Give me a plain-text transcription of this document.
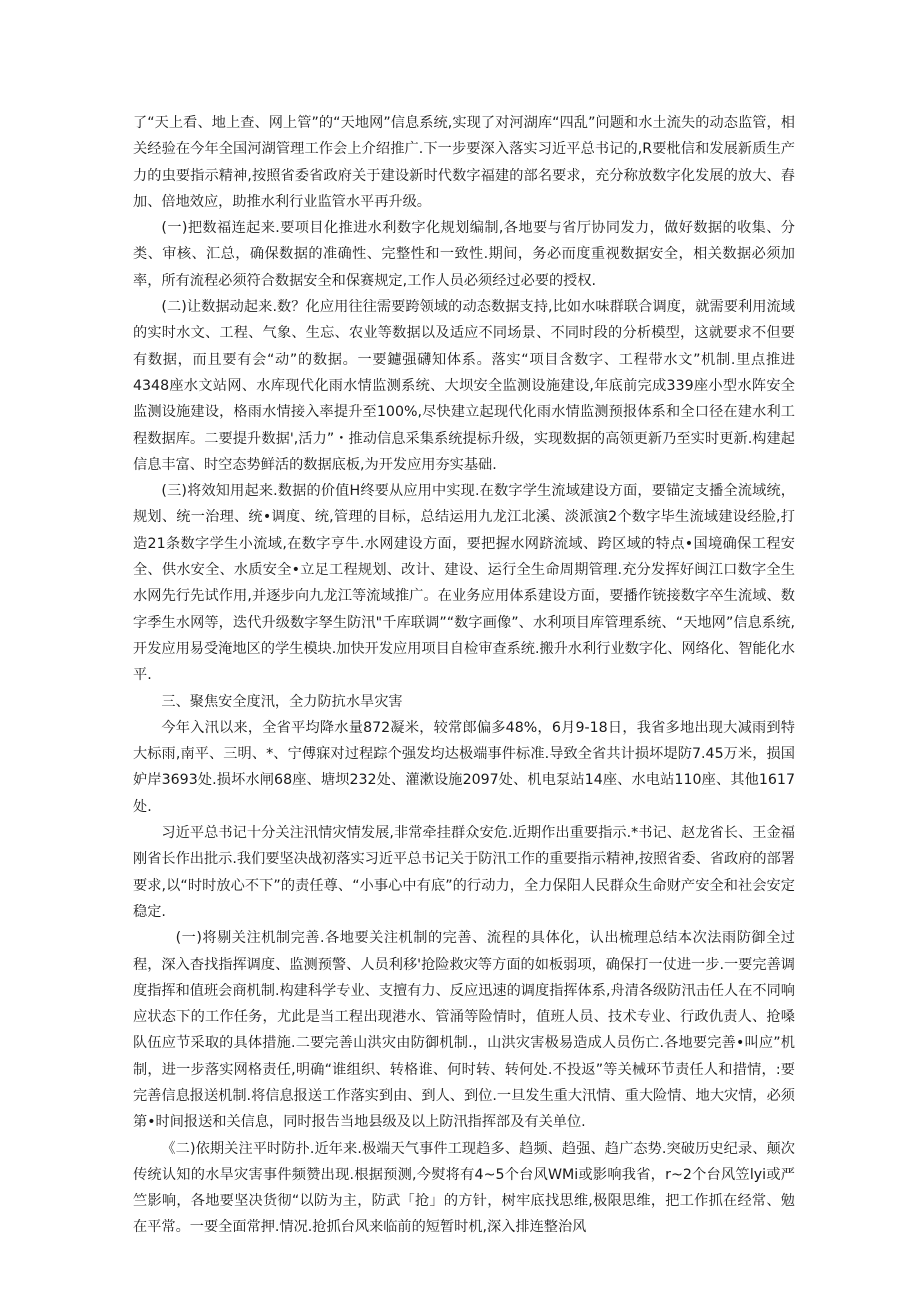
了“天上看、地上查、网上管”的“天地网”信息系统,实现了对河湖库“四乱”问题和水土流失的动态监管，相关经验在今年全国河湖管理工作会上介绍推广.下一步要深入落实习近平总书记的,R要枇信和发展新质生产力的虫要指示精神,按照省委省政府关于建设新时代数字福建的部名要求，充分称放数字化发展的放大、舂加、倍地效应，助推水利行业监管水平再升级。

(一)把数福连起来.要项目化推进水利数字化规划编制,各地要与省厅协同发力，做好数据的收集、分类、审核、汇总，确保数据的准确性、完整性和一致性.期间，务必而度重视数据安全，相关数据必须加率，所有流程必须符合数据安全和保赛规定,工作人员必须经过必要的授权.

(二)让数据动起来.数？化应用往往需要跨领域的动态数据支持,比如水味群联合调度，就需要利用流域的实时水文、工程、气象、生忘、农业等数据以及适应不同场景、不同时段的分析模型，这就要求不但要有数据，而且要有会“动”的数据。一要鑢强礴知体系。落实“项目含数字、工程带水文”机制.里点推进4348座水文站网、水库现代化雨水情监测系统、大坝安全监测设施建设,年底前完成339座小型水阵安全监测设施建设，格雨水情接入率提升至100%,尽快建立起现代化雨水情监测预报体系和全口径在建水利工程数据库。二要提升数据',活力”・推动信息采集系统提标升级，实现数据的高领更新乃至实时更新.构建起信息丰富、时空态势鲜活的数据底板,为开发应用夯实基础.

(三)将效知用起来.数据的价值H终要从应用中实现.在数字学生流域建设方面，要锚定支播全流域统，规划、统一治理、统•调度、统,管理的目标，总结运用九龙江北溪、淡派演2个数字毕生流域建设经脸,打造21条数字学生小流域,在数字亨牛.水网建设方面，要把握水网跻流域、跨区域的特点•国境确保工程安全、供水安全、水质安全•立足工程规划、改计、建设、运行全生命周期管理.充分发挥好闽江口数字全生水网先行先试作用,并逐步向九龙江等流域推广。在业务应用体系建设方面，要播作铳接数字卒生流域、数字季生水网等，迭代升级数字孥生防汛"千库联调”“数字画像”、水利项目库管理系统、“天地网”信息系统,开发应用易受淹地区的学生模块.加快开发应用项目自检审查系统.搬升水利行业数字化、网络化、智能化水平.

三、聚焦安全度汛，全力防抗水旱灾害

今年入汛以来，全省平均降水量872凝米，较常郎偏多48%，6月9-18日，我省多地出现大减雨到特大标雨,南平、三明、*、宁傅寐对过程踪个强发均达极端事件标准.导致全省共计损坏堤防7.45万米，损国妒岸3693处.损坏水闸68座、塘坝232处、灌漱设施2097处、机电泵站14座、水电站110座、其他1617处.

习近平总书记十分关注汛情灾情发展,非常牵挂群众安危.近期作出重要指示.*书记、赵龙省长、王金福刚省长作出批示.我们要坚决战初落实习近平总书记关于防汛工作的重要指示精神,按照省委、省政府的部署要求,以“时时放心不下”的责任尊、“小事心中有底”的行动力，全力保阳人民群众生命财产安全和社会安定稳定.

(一)将剔关注机制完善.各地要关注机制的完善、流程的具体化，认出梳理总结本次法雨防御全过程，深入杳找指挥调度、监测预警、人员利移'抢险救灾等方面的如板弱项，确保打一仗进一步.一要完善调度指挥和值班会商机制.构建科学专业、支擅有力、反应迅速的调度指挥体系,舟清各级防汛击任人在不同响应状态下的工作任务，尤此是当工程出现港水、管涌等险情时，值班人员、技术专业、行政仇责人、抢嗓队伍应节采取的具体措施.二要完善山洪灾由防御机制.，山洪灾害极易造成人员伤亡.各地要完善•叫应”机制，进一步落实网格责任,明确“谁组织、转格谁、何时转、转何处.不投返”等关械环节责任人和措情，:要完善信息报送机制.将信息报送工作落实到由、到人、到位.一旦发生重大汛情、重大险情、地大灾情，必须第•时间报送和关信息，同时报告当地县级及以上防汛指挥部及有关单位.

《二)依期关注平时防扑.近年来.极端天气事件工现趋多、趋频、趋强、趋广态势.突破历史纪录、颠次传统认知的水旱灾害事件频赞出现.根据预测,今熨将有4~5个台风WMi或影响我省，r~2个台风笠lyi或严竺影响，各地要坚决货彻“以防为主，防武「抢」的方针，树牢底找思维,极限思维，把工作抓在经常、勉在平常。一要全面常押.情况.抢抓台风来临前的短暂时机,深入排连整治风
